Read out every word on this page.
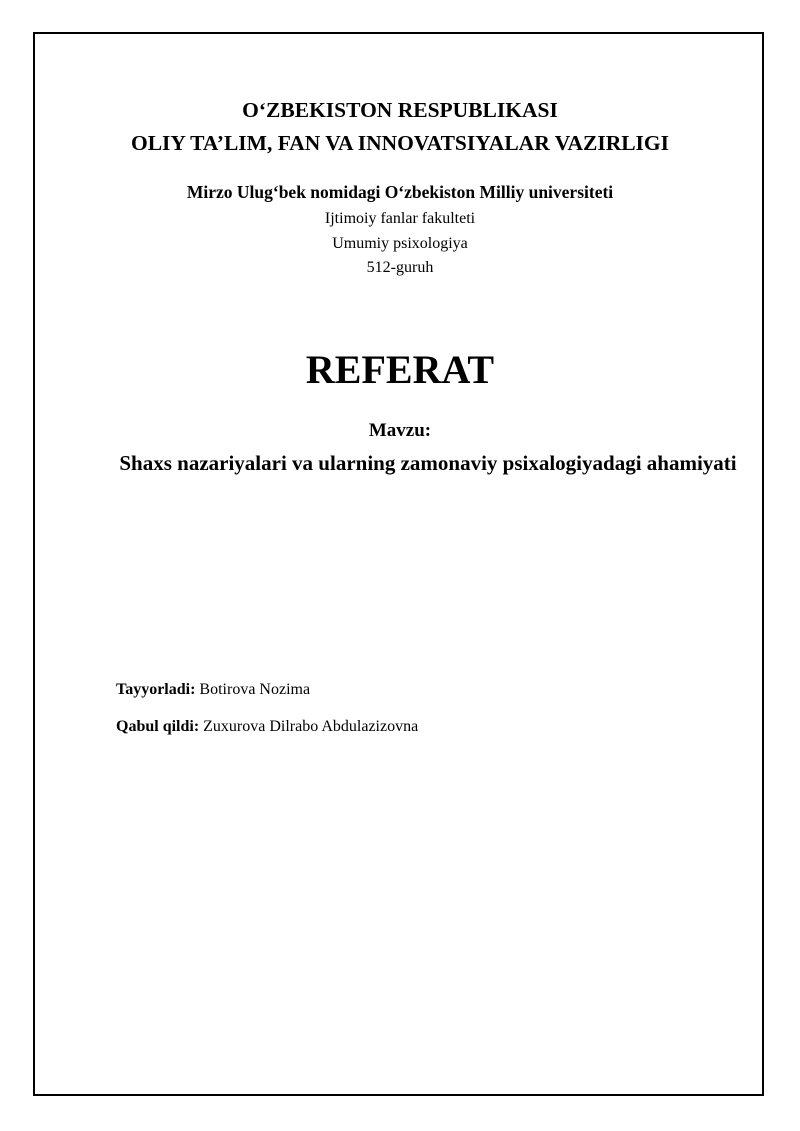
O‘ZBEKISTON RESPUBLIKASI
OLIY TA’LIM, FAN VA INNOVATSIYALAR VAZIRLIGI
Mirzo Ulug‘bek nomidagi O‘zbekiston Milliy universiteti
Ijtimoiy fanlar fakulteti
Umumiy psixologiya
512-guruh
REFERAT
Mavzu:
Shaxs nazariyalari va ularning zamonaviy psixalogiyadagi ahamiyati
Tayyorladi: Botirova Nozima
Qabul qildi: Zuxurova Dilrabo Abdulazizovna
